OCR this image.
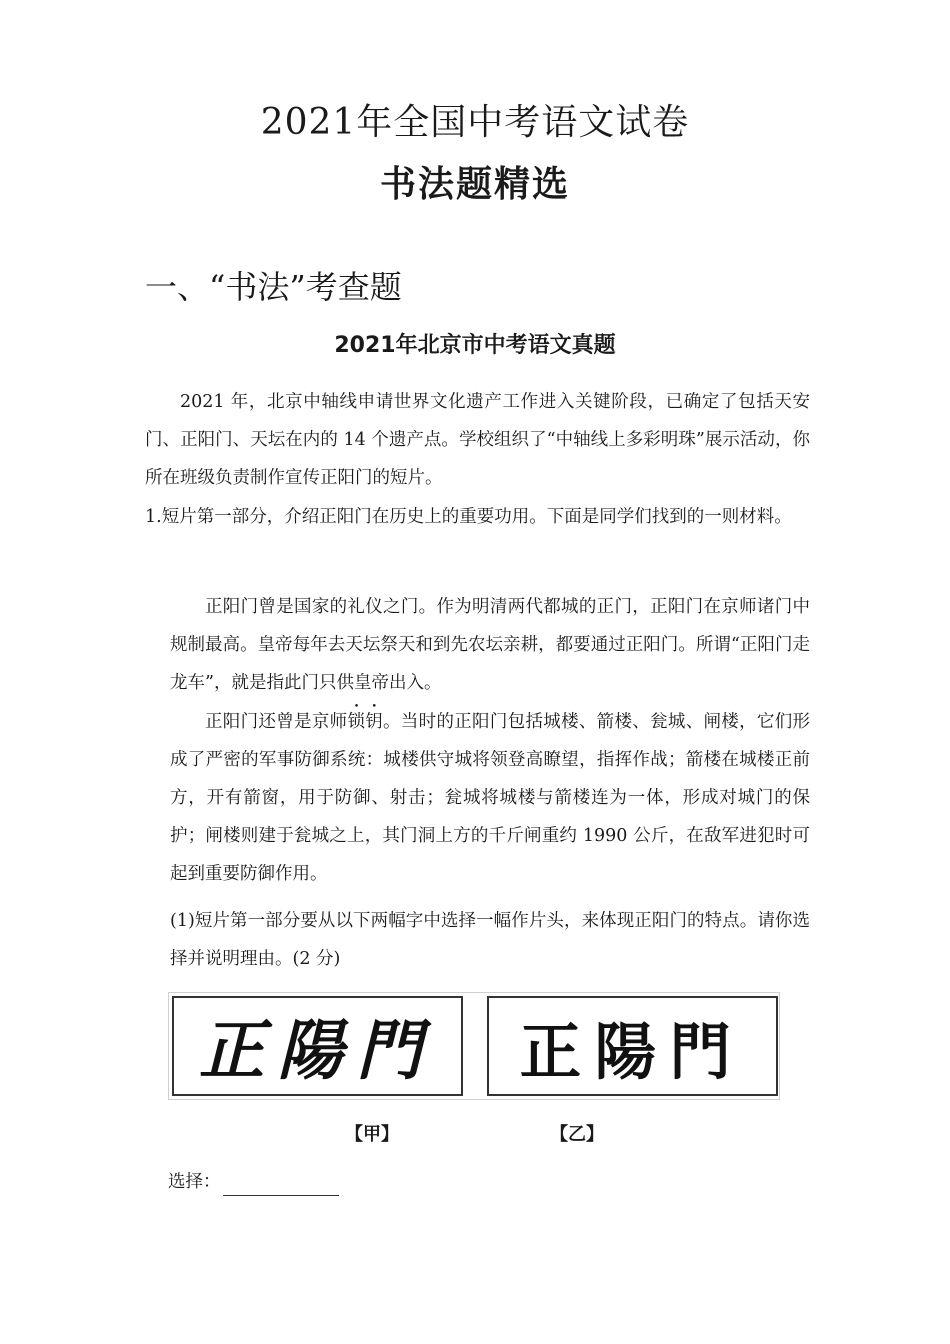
2021年全国中考语文试卷
书法题精选
一、“书法”考查题
2021年北京市中考语文真题

2021 年，北京中轴线申请世界文化遗产工作进入关键阶段，已确定了包括天安门、正阳门、天坛在内的 14 个遗产点。学校组织了“中轴线上多彩明珠”展示活动，你所在班级负责制作宣传正阳门的短片。

1.短片第一部分，介绍正阳门在历史上的重要功用。下面是同学们找到的一则材料。

正阳门曾是国家的礼仪之门。作为明清两代都城的正门，正阳门在京师诸门中规制最高。皇帝每年去天坛祭天和到先农坛亲耕，都要通过正阳门。所谓“正阳门走龙车”，就是指此门只供皇帝出入。

正阳门还曾是京师锁钥。当时的正阳门包括城楼、箭楼、瓮城、闸楼，它们形成了严密的军事防御系统：城楼供守城将领登高瞭望，指挥作战；箭楼在城楼正前方，开有箭窗，用于防御、射击；瓮城将城楼与箭楼连为一体，形成对城门的保护；闸楼则建于瓮城之上，其门洞上方的千斤闸重约 1990 公斤，在敌军进犯时可起到重要防御作用。

(1)短片第一部分要从以下两幅字中选择一幅作片头，来体现正阳门的特点。请你选择并说明理由。(2 分)

正陽門 正陽門
【甲】	【乙】
选择：
